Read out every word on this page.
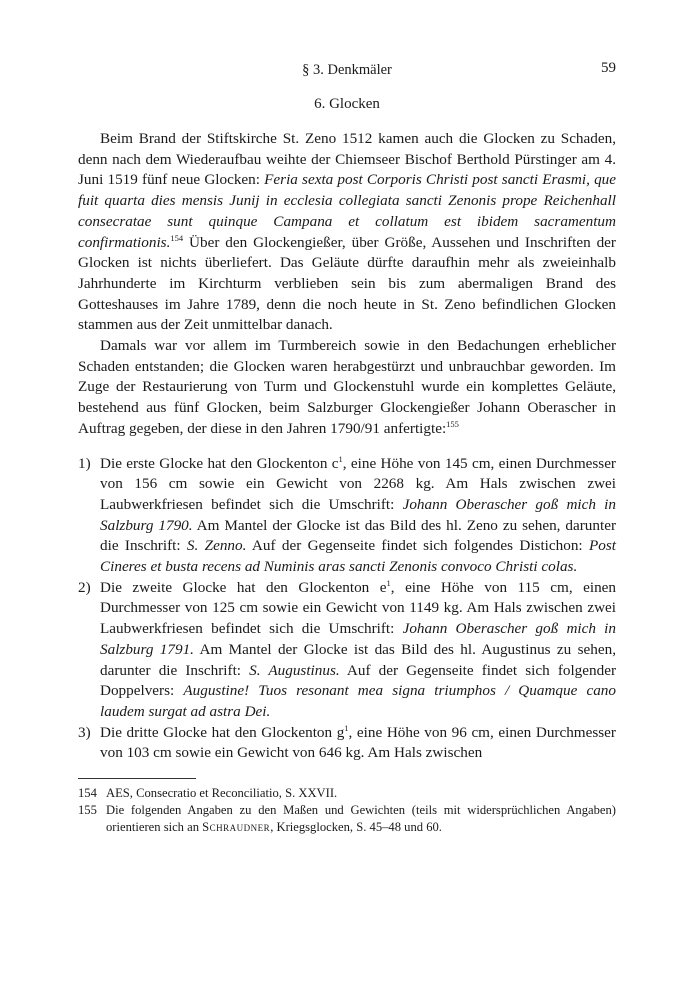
§ 3. Denkmäler	59
6. Glocken

Beim Brand der Stiftskirche St. Zeno 1512 kamen auch die Glocken zu Schaden, denn nach dem Wiederaufbau weihte der Chiemseer Bischof Berthold Pürstinger am 4. Juni 1519 fünf neue Glocken: Feria sexta post Corporis Christi post sancti Erasmi, que fuit quarta dies mensis Junij in ecclesia collegiata sancti Zenonis prope Reichenhall consecratae sunt quinque Campana et collatum est ibidem sacramentum confirmationis.$^{154}$ Über den Glockengießer, über Größe, Aussehen und Inschriften der Glocken ist nichts überliefert. Das Geläute dürfte daraufhin mehr als zweieinhalb Jahrhunderte im Kirchturm verblieben sein bis zum abermaligen Brand des Gotteshauses im Jahre 1789, denn die noch heute in St. Zeno befindlichen Glocken stammen aus der Zeit unmittelbar danach.

Damals war vor allem im Turmbereich sowie in den Bedachungen erheblicher Schaden entstanden; die Glocken waren herabgestürzt und unbrauchbar geworden. Im Zuge der Restaurierung von Turm und Glockenstuhl wurde ein komplettes Geläute, bestehend aus fünf Glocken, beim Salzburger Glockengießer Johann Oberascher in Auftrag gegeben, der diese in den Jahren 1790/91 anfertigte:$^{155}$

1) Die erste Glocke hat den Glockenton $c^1$, eine Höhe von 145 cm, einen Durchmesser von 156 cm sowie ein Gewicht von 2268 kg. Am Hals zwischen zwei Laubwerkfriesen befindet sich die Umschrift: Johann Oberascher goß mich in Salzburg 1790. Am Mantel der Glocke ist das Bild des hl. Zeno zu sehen, darunter die Inschrift: S. Zenno. Auf der Gegenseite findet sich folgendes Distichon: Post Cineres et busta recens ad Numinis aras sancti Zenonis convoco Christi colas.
2) Die zweite Glocke hat den Glockenton $e^1$, eine Höhe von 115 cm, einen Durchmesser von 125 cm sowie ein Gewicht von 1149 kg. Am Hals zwischen zwei Laubwerkfriesen befindet sich die Umschrift: Johann Oberascher goß mich in Salzburg 1791. Am Mantel der Glocke ist das Bild des hl. Augustinus zu sehen, darunter die Inschrift: S. Augustinus. Auf der Gegenseite findet sich folgender Doppelvers: Augustine! Tuos resonant mea signa triumphos / Quamque cano laudem surgat ad astra Dei.
3) Die dritte Glocke hat den Glockenton $g^1$, eine Höhe von 96 cm, einen Durchmesser von 103 cm sowie ein Gewicht von 646 kg. Am Hals zwischen
154 AES, Consecratio et Reconciliatio, S. XXVII.
155 Die folgenden Angaben zu den Maßen und Gewichten (teils mit widersprüchlichen Angaben) orientieren sich an Schraudner, Kriegsglocken, S. 45–48 und 60.
